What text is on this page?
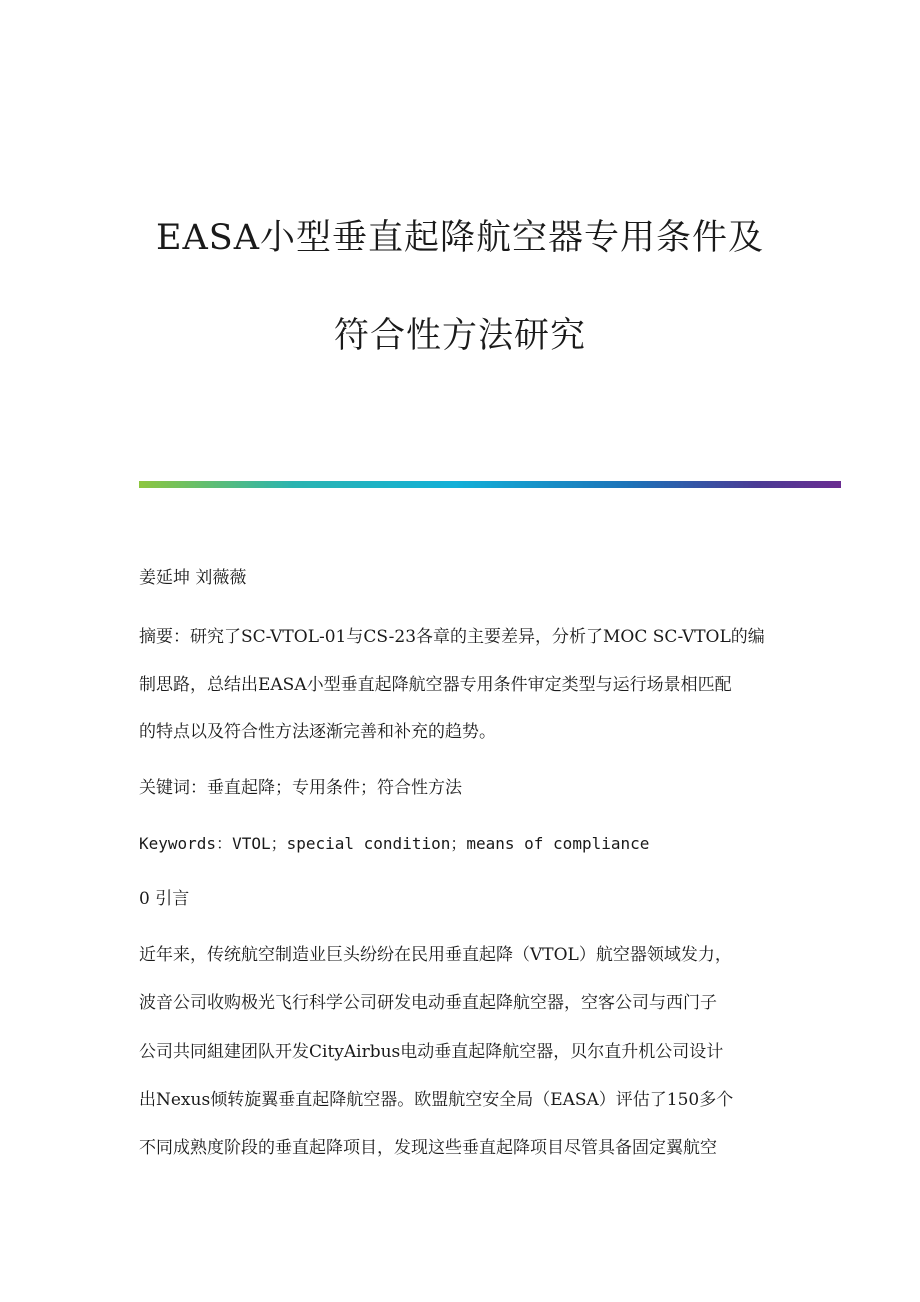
EASA小型垂直起降航空器专用条件及
符合性方法研究

姜延坤 刘薇薇

摘要：研究了SC-VTOL-01与CS-23各章的主要差异，分析了MOC SC-VTOL的编

制思路，总结出EASA小型垂直起降航空器专用条件审定类型与运行场景相匹配

的特点以及符合性方法逐渐完善和补充的趋势。

关键词：垂直起降；专用条件；符合性方法

Keywords：VTOL；special condition；means of compliance

0 引言

近年来，传统航空制造业巨头纷纷在民用垂直起降（VTOL）航空器领域发力，

波音公司收购极光飞行科学公司研发电动垂直起降航空器，空客公司与西门子

公司共同組建团队开发CityAirbus电动垂直起降航空器，贝尔直升机公司设计

出Nexus倾转旋翼垂直起降航空器。欧盟航空安全局（EASA）评估了150多个

不同成熟度阶段的垂直起降项目，发现这些垂直起降项目尽管具备固定翼航空
